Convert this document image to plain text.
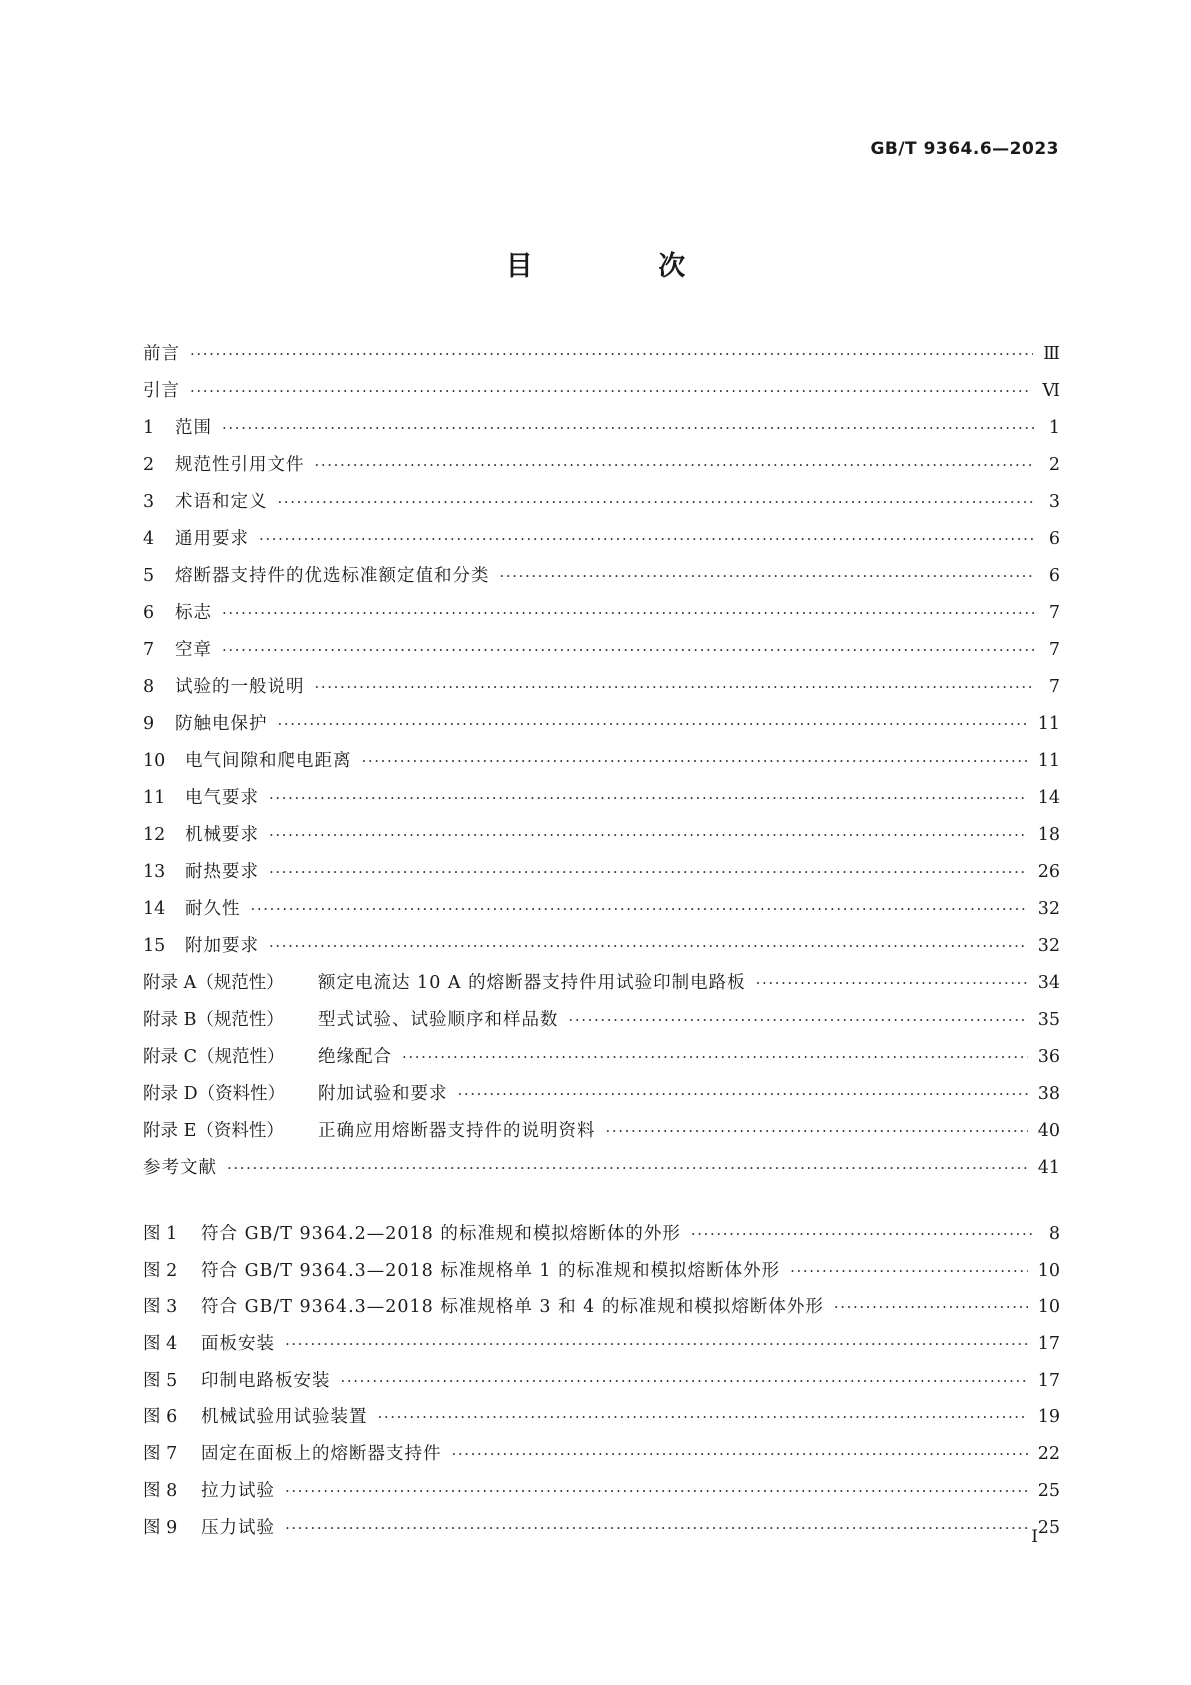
GB/T 9364.6—2023
目 次
前言 ·····	Ⅲ
引言 ·····	Ⅵ
1	范围 ·····	1
2	规范性引用文件 ·····	2
3	术语和定义 ·····	3
4	通用要求 ·····	6
5	熔断器支持件的优选标准额定值和分类 ·····	6
6	标志 ·····	7
7	空章 ·····	7
8	试验的一般说明 ·····	7
9	防触电保护 ·····	11
10	电气间隙和爬电距离 ·····	11
11	电气要求 ·····	14
12	机械要求 ·····	18
13	耐热要求 ·····	26
14	耐久性 ·····	32
15	附加要求 ·····	32
附录 A（规范性）	额定电流达 10 A 的熔断器支持件用试验印制电路板 ·····	34
附录 B（规范性）	型式试验、试验顺序和样品数 ·····	35
附录 C（规范性）	绝缘配合 ·····	36
附录 D（资料性）	附加试验和要求 ·····	38
附录 E（资料性）	正确应用熔断器支持件的说明资料 ·····	40
参考文献 ·····	41
图 1	符合 GB/T 9364.2—2018 的标准规和模拟熔断体的外形 ·····	8
图 2	符合 GB/T 9364.3—2018 标准规格单 1 的标准规和模拟熔断体外形 ·····	10
图 3	符合 GB/T 9364.3—2018 标准规格单 3 和 4 的标准规和模拟熔断体外形 ·····	10
图 4	面板安装 ·····	17
图 5	印制电路板安装 ·····	17
图 6	机械试验用试验装置 ·····	19
图 7	固定在面板上的熔断器支持件 ·····	22
图 8	拉力试验 ·····	25
图 9	压力试验 ·····	25
I
